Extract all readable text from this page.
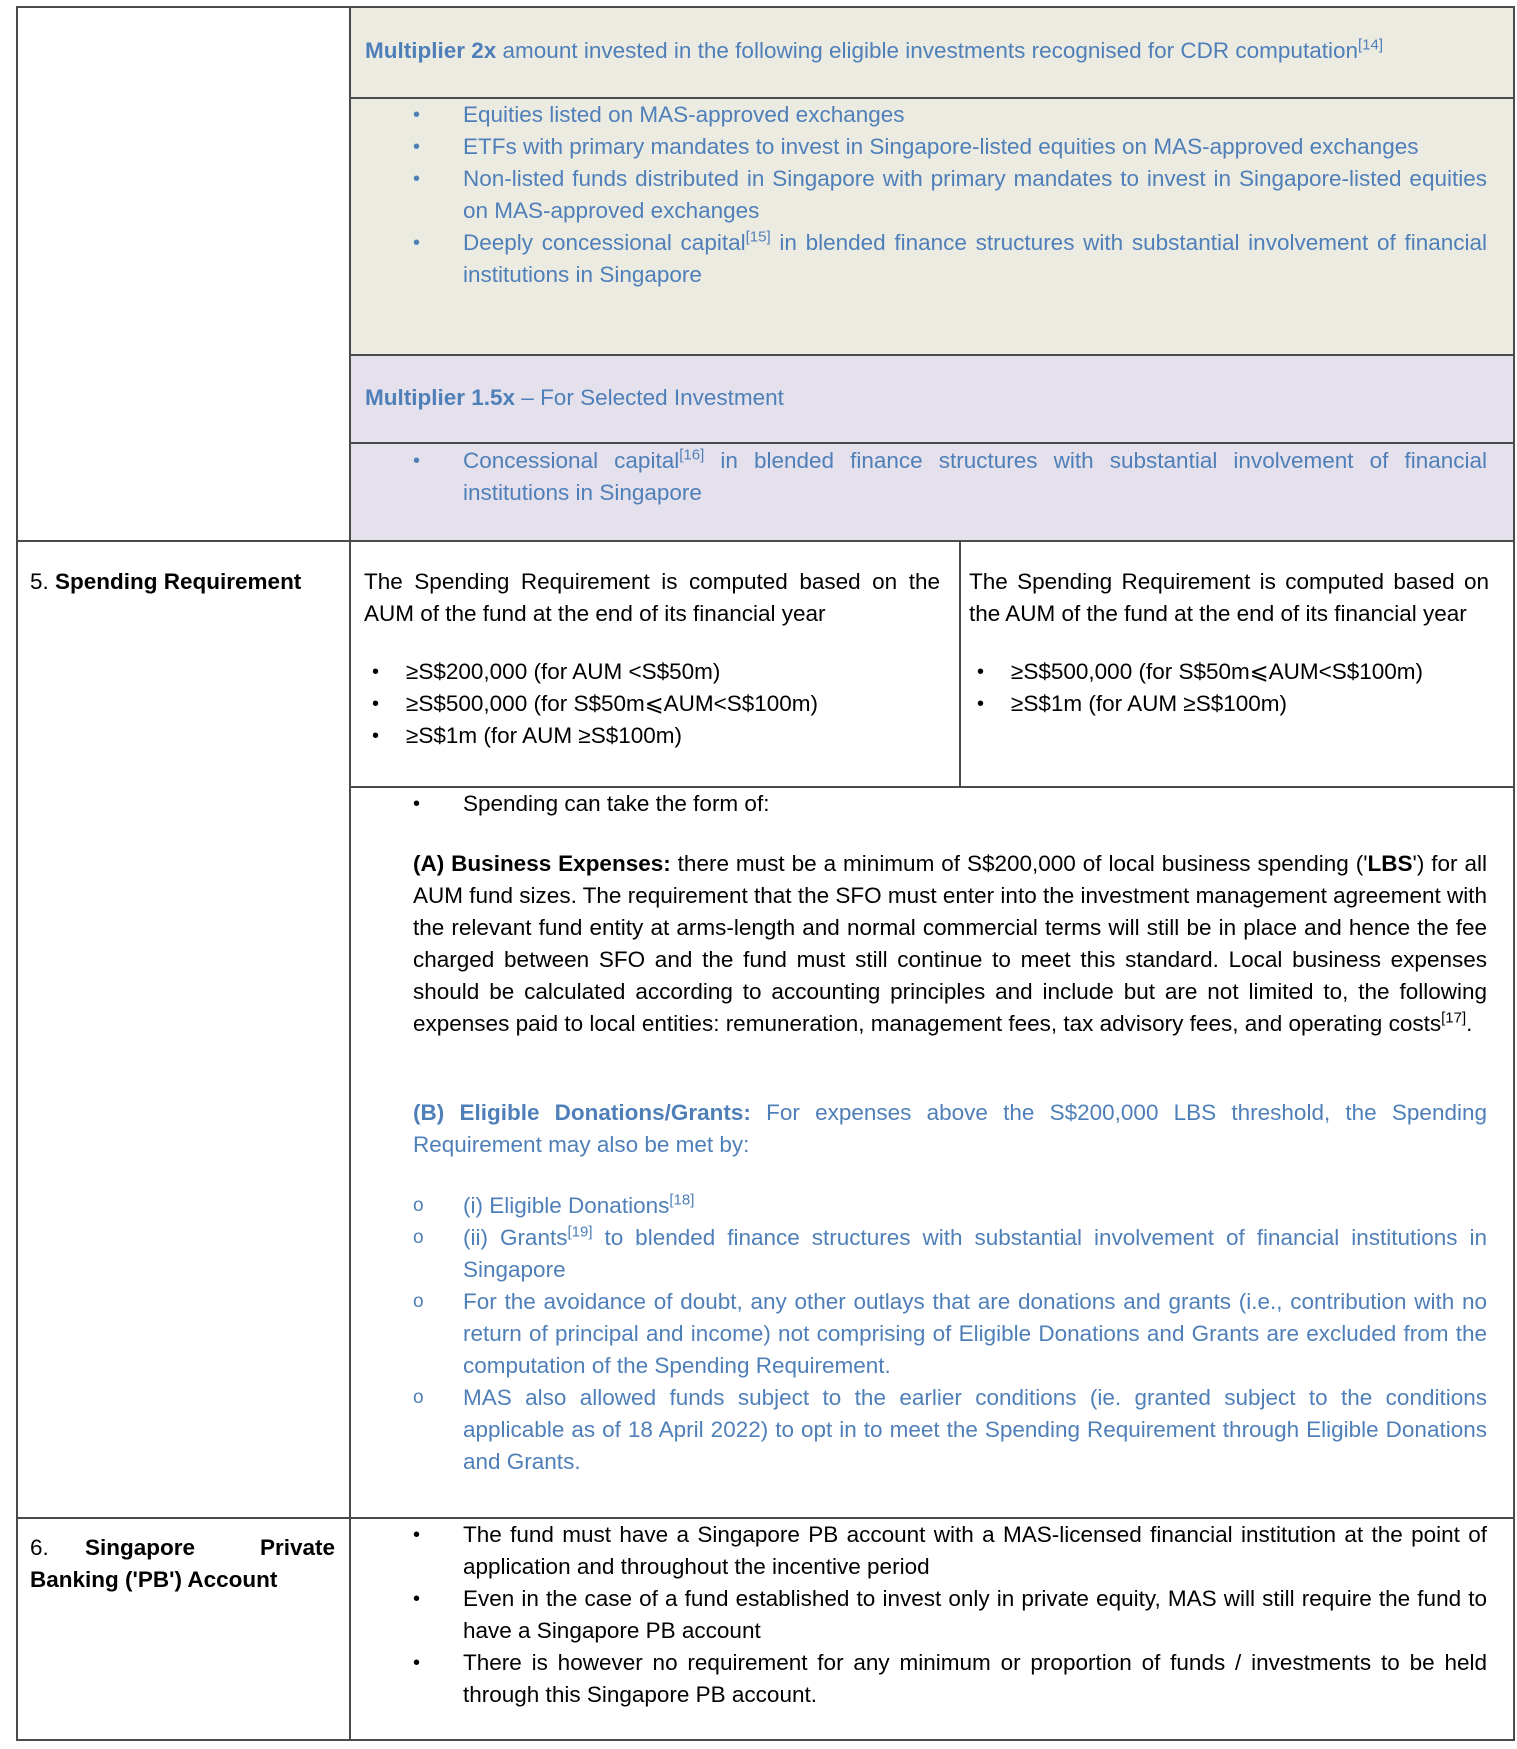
Multiplier 2x amount invested in the following eligible investments recognised for CDR computation[14]
• Equities listed on MAS-approved exchanges
• ETFs with primary mandates to invest in Singapore-listed equities on MAS-approved exchanges
• Non-listed funds distributed in Singapore with primary mandates to invest in Singapore-listed equities on MAS-approved exchanges
• Deeply concessional capital[15] in blended finance structures with substantial involvement of financial institutions in Singapore
Multiplier 1.5x – For Selected Investment
• Concessional capital[16] in blended finance structures with substantial involvement of financial institutions in Singapore
5. Spending Requirement	The Spending Requirement is computed based on the AUM of the fund at the end of its financial year
• ≥S$200,000 (for AUM <S$50m)
• ≥S$500,000 (for S$50m⩽AUM<S$100m)
• ≥S$1m (for AUM ≥S$100m)
The Spending Requirement is computed based on the AUM of the fund at the end of its financial year
• ≥S$500,000 (for S$50m⩽AUM<S$100m)
• ≥S$1m (for AUM ≥S$100m)
• Spending can take the form of:
(A) Business Expenses: there must be a minimum of S$200,000 of local business spending ('LBS') for all AUM fund sizes. The requirement that the SFO must enter into the investment management agreement with the relevant fund entity at arms-length and normal commercial terms will still be in place and hence the fee charged between SFO and the fund must still continue to meet this standard. Local business expenses should be calculated according to accounting principles and include but are not limited to, the following expenses paid to local entities: remuneration, management fees, tax advisory fees, and operating costs[17].
(B) Eligible Donations/Grants: For expenses above the S$200,000 LBS threshold, the Spending Requirement may also be met by:
o (i) Eligible Donations[18]
o (ii) Grants[19] to blended finance structures with substantial involvement of financial institutions in Singapore
o For the avoidance of doubt, any other outlays that are donations and grants (i.e., contribution with no return of principal and income) not comprising of Eligible Donations and Grants are excluded from the computation of the Spending Requirement.
o MAS also allowed funds subject to the earlier conditions (ie. granted subject to the conditions applicable as of 18 April 2022) to opt in to meet the Spending Requirement through Eligible Donations and Grants.
6. Singapore	Private
Banking ('PB') Account
• The fund must have a Singapore PB account with a MAS-licensed financial institution at the point of application and throughout the incentive period
• Even in the case of a fund established to invest only in private equity, MAS will still require the fund to have a Singapore PB account
• There is however no requirement for any minimum or proportion of funds / investments to be held through this Singapore PB account.
